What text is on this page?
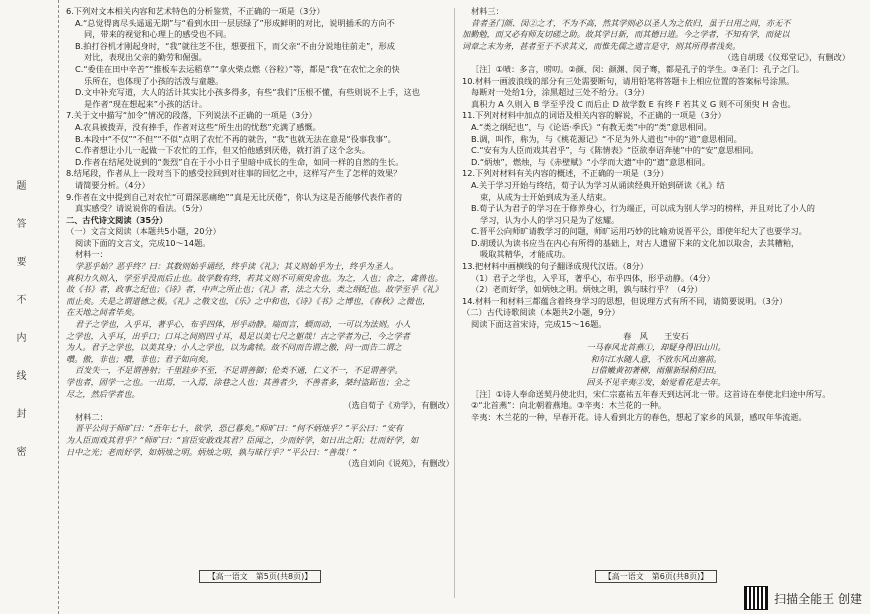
题
答
要
不
内
线
封
密
6.下列对文本相关内容和艺术特色的分析鉴赏，不正确的一项是（3分）
A.“总觉得离尽头遥遥无期”与“看到水田一层层绿了”形成鲜明的对比，说明插禾的方向不
同，带来的视觉和心理上的感受也不同。
B.拍打谷机才刚起身时，“我”就往芝不住，想要扭下，而父亲“不由分说地往前走”，形成
对比，表现出父亲的勤劳和倔强。
C.“委佳在田中辛苦”“推板车去运稻草”“拿火柴点燃（谷粒）”等，都是“我”在农忙之余的快
乐所在，也体现了小孩的活泼与童趣。
D.文中补充写道，大人的活计其实比小孩多得多，有些“我们”压根不懂，有些则说不上手，这也
是作者“现在想起来”小孩的活计。
7.关于文中描写“加令”情况的段落，下列说法不正确的一项是（3分）
A.农具被拨弄，没有捧手，作者对这些“所生出的忧愁”充满了感慨。
B.本段中“不仅”“不但”“不似”点明了农忙不再的就告，“我”也就无法在意是“役事我事”。
C.作者想让小儿一起做一下农忙的工作，但又怕他感到厌倦，就打消了这个念头。
D.作者在结尾处说到的“轰烈”自在于小小日子里暗中成长的生命，如同一样的自然的生长。
8.结尾段，作者从上一段对当下的感受拉回到对往事的回忆之中，这样写产生了怎样的效果？
请简要分析。（4分）
9.作者在文中提到自己对农忙“可谓深恶痛绝”“真是无比厌倦”，你认为这是否能够代表作者的
真实感受？请说说你的看法。（5分）
二、古代诗文阅读（35分）
（一）文言文阅读（本题共5小题，20分）
阅读下面的文言文，完成10～14题。
材料一：
学恶乎始？恶乎终？曰：其数则始乎诵经，终乎读《礼》；其义则始乎为士，终乎为圣人。
真积力久则入，学至乎没而后止也。故学数有终，若其义则不可须臾舍也。为之，人也；舍之，禽兽也。
故《书》者，政事之纪也；《诗》者，中声之所止也；《礼》者，法之大分，类之纲纪也。故学至乎《礼》
而止矣。夫是之谓道德之极。《礼》之敬文也，《乐》之中和也，《诗》《书》之博也，《春秋》之微也，
在天地之间者毕矣。
君子之学也，入乎耳，著乎心，布乎四体，形乎动静。端而言，蝡而动，一可以为法则。小人
之学也，入乎耳，出乎口；口耳之间则四寸耳，曷足以美七尺之躯哉！古之学者为己，今之学者
为人。君子之学也，以美其身；小人之学也，以为禽犊。故不问而告谓之傲，问一而告二谓之
囋。傲，非也；囋，非也；君子如向矣。
百发失一，不足谓善射；千里跬步不至，不足谓善御；伦类不通，仁义不一，不足谓善学。
学也者，固学一之也。一出焉，一入焉，涂巷之人也；其善者少，不善者多，桀纣盗跖也；全之
尽之，然后学者也。
（选自荀子《劝学》，有删改）
材料二：
晋平公问于师旷曰：“吾年七十，欲学，恐已暮矣。”师旷曰：“何不炳烛乎？”平公曰：“安有
为人臣而戏其君乎？”师旷曰：“盲臣安敢戏其君？臣闻之，少而好学，如日出之阳；壮而好学，如
日中之光；老而好学，如炳烛之明。炳烛之明，孰与昧行乎？”平公曰：“善哉！”
（选自刘向《说苑》，有删改）
【高一语文　第5页(共8页)】
材料三：
昔者圣门颜、闵②之才，不为不高，然其学则必以圣人为之依归，虽于日用之间，亦无不
加勤勉，而又必有师友切磋之助。故其学日新，而其德日进。今之学者，不知有学，而徒以
词章之末为务，甚者至于不求其义，而惟先儒之遗言是守，则其所得者浅矣。
（选自胡瑗《仪郑堂记》，有删改）
［注］①啧：多言，唠叨。②颜、闵：颜渊、闵子骞，都是孔子的学生。③圣门：孔子之门。
10.材料一画波浪线的部分有三处需要断句，请用铅笔将答题卡上相应位置的答案标号涂黑。
每断对一处给1分，涂黑超过三处不给分。（3分）
真积力 A 久则入 B 学至乎没 C 而后止 D 故学数 E 有终 F 若其义 G 则不可须臾 H 舍也。
11.下列对材料中加点的词语及相关内容的解说，不正确的一项是（3分）
A.“类之纲纪也”，与《论语·季氏》“有教无类”中的“类”意思相同。
B.调，叫作，称为，与《桃花源记》“不足为外人道也”中的“道”意思相同。
C.“安有为人臣而戏其君乎”，与《陈情表》“臣欲奉诏奔驰”中的“安”意思相同。
D.“炳烛”，燃烛，与《赤壁赋》“小学而大遗”中的“遗”意思相同。
12.下列对材料有关内容的概述，不正确的一项是（3分）
A.关于学习开始与终结，荀子认为学习从诵读经典开始到研读《礼》结
束，从成为士开始到成为圣人结束。
B.荀子认为君子的学习在于修养身心，行为端正，可以成为别人学习的榜样，并且对比了小人的
学习，认为小人的学习只是为了炫耀。
C.晋平公向师旷请教学习的问题，师旷运用巧妙的比喻劝说晋平公，即使年纪大了也要学习。
D.胡瑗认为读书应当在内心有所得的基础上，对古人遗留下来的文化加以取舍，去其糟粕，
吸取其精华，才能成功。
13.把材料中画横线的句子翻译成现代汉语。（8分）
（1）君子之学也，入乎耳，著乎心，布乎四体，形乎动静。（4分）
（2）老而好学，如炳烛之明。炳烛之明，孰与昧行乎？（4分）
14.材料一和材料三都蕴含着终身学习的思想，但说理方式有所不同，请简要说明。（3分）
（二）古代诗歌阅读（本题共2小题，9分）
阅读下面这首宋诗，完成15～16题。
春　风　　王安石
一马春风北首燕①，却疑身得旧山川。
和尔江水随人意，不放东风出塞前。
日借嫩黄初著柳，雨催新绿稍归田。
回头不见辛夷②发，始觉看花是去年。
［注］①诗人奉命送契丹使北归，宋仁宗嘉祐五年春天到达河北一带。这首诗在奉使北归途中所写。
②“北首燕”：向北朝着燕地。③辛夷：木兰花的一种。
辛夷：木兰花的一种，早春开花。诗人看到北方的春色，想起了家乡的风景，感叹年华流逝。
【高一语文　第6页(共8页)】
扫描全能王 创建
